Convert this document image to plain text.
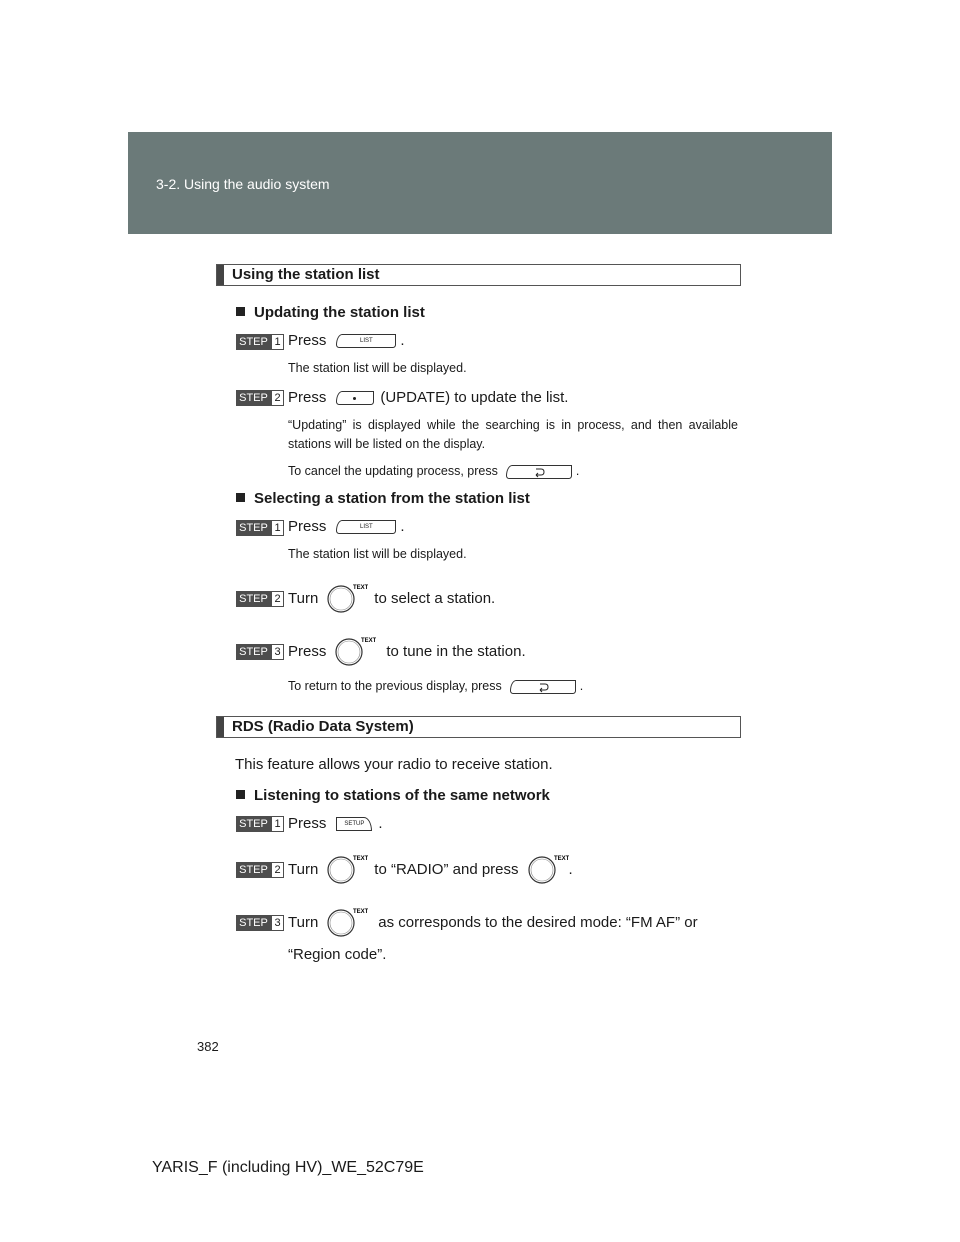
3-2. Using the audio system
Using the station list
Updating the station list
STEP 1 Press	LIST	.
The station list will be displayed.
STEP 2 Press	(UPDATE) to update the list.
“Updating” is displayed while the searching is in process, and then available stations will be listed on the display.
To cancel the updating process, press	.
Selecting a station from the station list
STEP 1 Press	LIST	.
The station list will be displayed.
STEP 2 Turn
TEXT
to select a station.
STEP 3 Press
TEXT
to tune in the station.
To return to the previous display, press	.
RDS (Radio Data System)
This feature allows your radio to receive station.
Listening to stations of the same network
STEP 1 Press	SETUP .
STEP 2 Turn
TEXT
to “RADIO” and press
TEXT
.
STEP 3 Turn
TEXT
as corresponds to the desired mode: “FM AF” or
“Region code”.
382
YARIS_F (including HV)_WE_52C79E
